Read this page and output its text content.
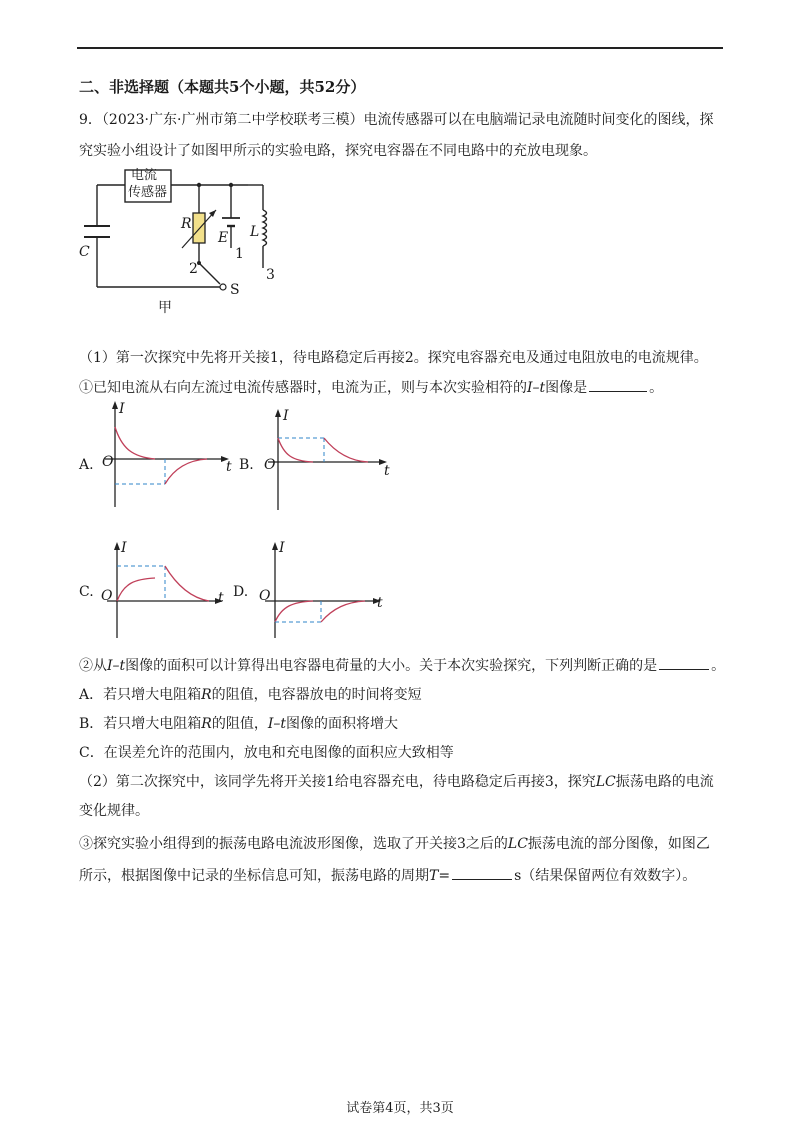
二、非选择题（本题共5个小题，共52分）
9．（2023·广东·广州市第二中学校联考三模）电流传感器可以在电脑端记录电流随时间变化的图线，探
究实验小组设计了如图甲所示的实验电路，探究电容器在不同电路中的充放电现象。
电流
传感器
R
E L
C	1
2	3
S
甲
（1）第一次探究中先将开关接1，待电路稳定后再接2。探究电容器充电及通过电阻放电的电流规律。
①已知电流从右向左流过电流传感器时，电流为正，则与本次实验相符的I–t图像是	。
A.
I
t
O	B.
I
t
O
C.
I
t
O	D.
I
t
O
②从I–t图像的面积可以计算得出电容器电荷量的大小。关于本次实验探究，下列判断正确的是	。
A．若只增大电阻箱R的阻值，电容器放电的时间将变短
B．若只增大电阻箱R的阻值，I–t图像的面积将增大
C．在误差允许的范围内，放电和充电图像的面积应大致相等
（2）第二次探究中，该同学先将开关接1给电容器充电，待电路稳定后再接3，探究LC振荡电路的电流
变化规律。
③探究实验小组得到的振荡电路电流波形图像，选取了开关接3之后的LC振荡电流的部分图像，如图乙
所示，根据图像中记录的坐标信息可知，振荡电路的周期T=	s（结果保留两位有效数字）。
试卷第4页，共3页
